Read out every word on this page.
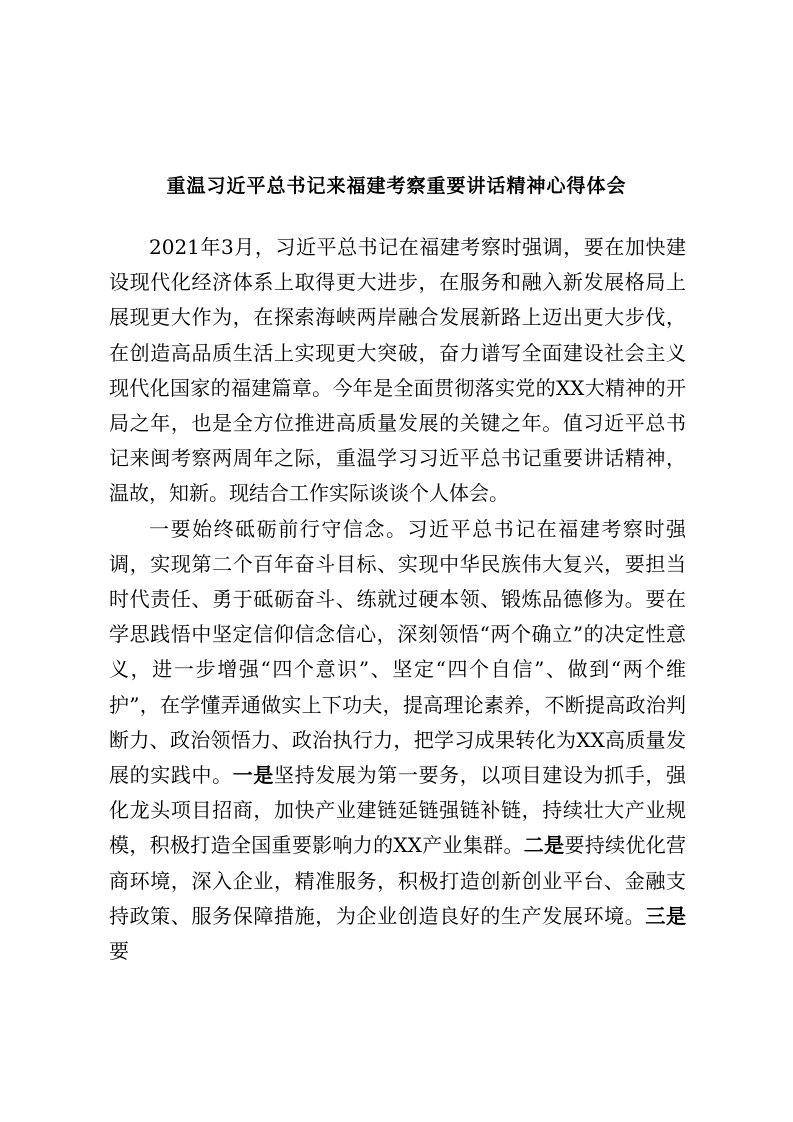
重温习近平总书记来福建考察重要讲话精神心得体会

2021年3月，习近平总书记在福建考察时强调，要在加快建设现代化经济体系上取得更大进步，在服务和融入新发展格局上展现更大作为，在探索海峡两岸融合发展新路上迈出更大步伐，在创造高品质生活上实现更大突破，奋力谱写全面建设社会主义现代化国家的福建篇章。今年是全面贯彻落实党的XX大精神的开局之年，也是全方位推进高质量发展的关键之年。值习近平总书记来闽考察两周年之际，重温学习习近平总书记重要讲话精神，温故，知新。现结合工作实际谈谈个人体会。

一要始终砥砺前行守信念。习近平总书记在福建考察时强调，实现第二个百年奋斗目标、实现中华民族伟大复兴，要担当时代责任、勇于砥砺奋斗、练就过硬本领、锻炼品德修为。要在学思践悟中坚定信仰信念信心，深刻领悟“两个确立”的决定性意义，进一步增强“四个意识”、坚定“四个自信”、做到“两个维护”，在学懂弄通做实上下功夫，提高理论素养，不断提高政治判断力、政治领悟力、政治执行力，把学习成果转化为XX高质量发展的实践中。一是坚持发展为第一要务，以项目建设为抓手，强化龙头项目招商，加快产业建链延链强链补链，持续壮大产业规模，积极打造全国重要影响力的XX产业集群。二是要持续优化营商环境，深入企业，精准服务，积极打造创新创业平台、金融支持政策、服务保障措施，为企业创造良好的生产发展环境。三是要
